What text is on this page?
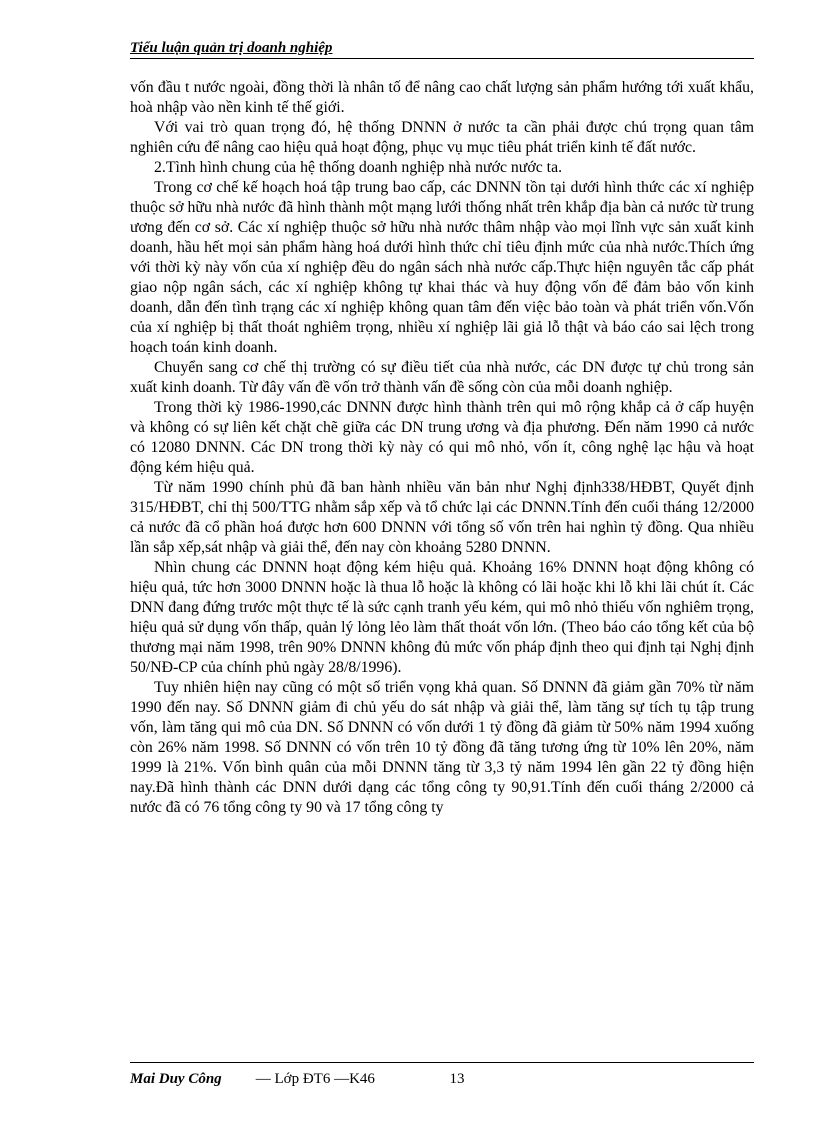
Tiểu luận quản trị doanh nghiệp

vốn đầu t nước ngoài, đồng thời là nhân tố để nâng cao chất lượng sản phẩm hướng tới xuất khẩu, hoà nhập vào nền kinh tế thế giới.

Với vai trò quan trọng đó, hệ thống DNNN ở nước ta cần phải được chú trọng quan tâm nghiên cứu để nâng cao hiệu quả hoạt động, phục vụ mục tiêu phát triển kinh tế đất nước.

2.Tình hình chung của hệ thống doanh nghiệp nhà nước nước ta.

Trong cơ chế kế hoạch hoá tập trung bao cấp, các DNNN tồn tại dưới hình thức các xí nghiệp thuộc sở hữu nhà nước đã hình thành một mạng lưới thống nhất trên khắp địa bàn cả nước từ trung ương đến cơ sở. Các xí nghiệp thuộc sở hữu nhà nước thâm nhập vào mọi lĩnh vực sản xuất kinh doanh, hầu hết mọi sản phẩm hàng hoá dưới hình thức chỉ tiêu định mức của nhà nước.Thích ứng với thời kỳ này vốn của xí nghiệp đều do ngân sách nhà nước cấp.Thực hiện nguyên tắc cấp phát giao nộp ngân sách, các xí nghiệp không tự khai thác và huy động vốn để đảm bảo vốn kinh doanh, dẫn đến tình trạng các xí nghiệp không quan tâm đến việc bảo toàn và phát triển vốn.Vốn của xí nghiệp bị thất thoát nghiêm trọng, nhiều xí nghiệp lãi giả lỗ thật và báo cáo sai lệch trong hoạch toán kinh doanh.

Chuyển sang cơ chế thị trường có sự điều tiết của nhà nước, các DN được tự chủ trong sản xuất kinh doanh. Từ đây vấn đề vốn trở thành vấn đề sống còn của mỗi doanh nghiệp.

Trong thời kỳ 1986-1990,các DNNN được hình thành trên qui mô rộng khắp cả ở cấp huyện và không có sự liên kết chặt chẽ giữa các DN trung ương và địa phương. Đến năm 1990 cả nước có 12080 DNNN. Các DN trong thời kỳ này có qui mô nhỏ, vốn ít, công nghệ lạc hậu và hoạt động kém hiệu quả.

Từ năm 1990 chính phủ đã ban hành nhiều văn bản như Nghị định338/HĐBT, Quyết định 315/HĐBT, chỉ thị 500/TTG nhằm sắp xếp và tổ chức lại các DNNN.Tính đến cuối tháng 12/2000 cả nước đã cổ phần hoá được hơn 600 DNNN với tổng số vốn trên hai nghìn tỷ đồng. Qua nhiều lần sắp xếp,sát nhập và giải thể, đến nay còn khoảng 5280 DNNN.

Nhìn chung các DNNN hoạt động kém hiệu quả. Khoảng 16% DNNN hoạt động không có hiệu quả, tức hơn 3000 DNNN hoặc là thua lỗ hoặc là không có lãi hoặc khi lỗ khi lãi chút ít. Các DNN đang đứng trước một thực tế là sức cạnh tranh yếu kém, qui mô nhỏ thiếu vốn nghiêm trọng, hiệu quả sử dụng vốn thấp, quản lý lỏng lẻo làm thất thoát vốn lớn. (Theo báo cáo tổng kết của bộ thương mại năm 1998, trên 90% DNNN không đủ mức vốn pháp định theo qui định tại Nghị định 50/NĐ-CP của chính phủ ngày 28/8/1996).

Tuy nhiên hiện nay cũng có một số triển vọng khả quan. Số DNNN đã giảm gần 70% từ năm 1990 đến nay. Số DNNN giảm đi chủ yếu do sát nhập và giải thể, làm tăng sự tích tụ tập trung vốn, làm tăng qui mô của DN. Số DNNN có vốn dưới 1 tỷ đồng đã giảm từ 50% năm 1994 xuống còn 26% năm 1998. Số DNNN có vốn trên 10 tỷ đồng đã tăng tương ứng từ 10% lên 20%, năm 1999 là 21%. Vốn bình quân của mỗi DNNN tăng từ 3,3 tỷ năm 1994 lên gần 22 tỷ đồng hiện nay.Đã hình thành các DNN dưới dạng các tổng công ty 90,91.Tính đến cuối tháng 2/2000 cả nước đã có 76 tổng công ty 90 và 17 tổng công ty

Mai Duy Công — Lớp ĐT6 —K46	13
